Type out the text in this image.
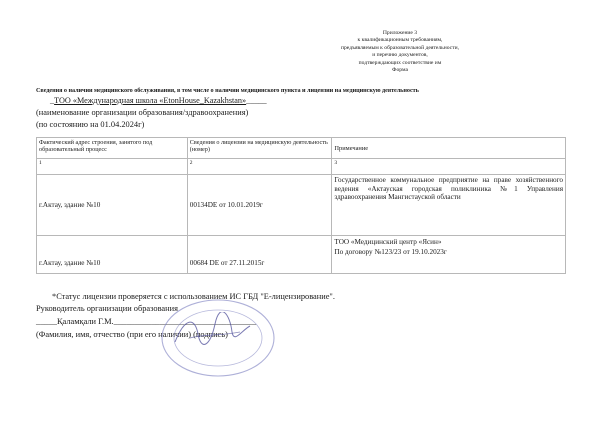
Приложение 3
к квалификационным требованиям,
предъявляемым к образовательной деятельности,
и перечню документов,
подтверждающих соответствие им
Форма
Сведения о наличии медицинского обслуживания, в том числе о наличии медицинского пункта и лицензии на медицинскую деятельность
_ТОО «Международная школа «EtonHouse_Kazakhstan»_____
(наименование организации образования/здравоохранения)
(по состоянию на 01.04.2024г)
Фактический адрес строения, занятого под образовательный процесс	Сведения о лицензии на медицинскую деятельность (номер)	Примечание
1	2	3
г.Актау, здание №10	00134DE от 10.01.2019г	Государственное коммунальное предприятие на праве хозяйственного ведения «Актауская городская поликлиника №1 Управления здравоохранения Мангистауской области
г.Актау, здание №10	00684 DE от 27.11.2015г	ТОО «Медицинский центр «Ясин»
По договору №123/23 от 19.10.2023г
*Статус лицензии проверяется с использованием ИС ГБД "Е-лицензирование".
Руководитель организации образования
_____Қаламқали Г.М.__________________________________
(Фамилия, имя, отчество (при его наличии) (подпись)
